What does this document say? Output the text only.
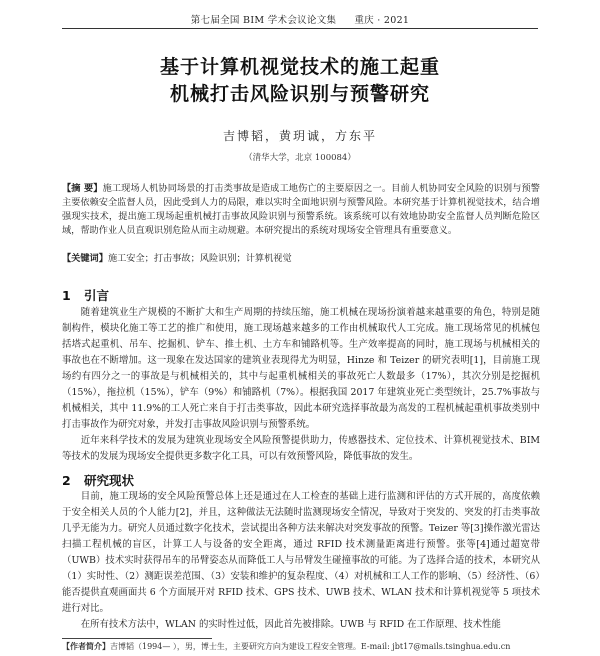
第七届全国 BIM 学术会议论文集 重庆 · 2021
基于计算机视觉技术的施工起重
机械打击风险识别与预警研究
吉博韬，黄玥诚，方东平
（清华大学，北京 100084）
【摘 要】施工现场人机协同场景的打击类事故是造成工地伤亡的主要原因之一。目前人机协同安全风险的识别与预警主要依赖安全监督人员，因此受到人力的局限，难以实时全面地识别与预警风险。本研究基于计算机视觉技术，结合增强现实技术，提出施工现场起重机械打击事故风险识别与预警系统。该系统可以有效地协助安全监督人员判断危险区域，帮助作业人员直观识别危险从而主动规避。本研究提出的系统对现场安全管理具有重要意义。
【关键词】施工安全；打击事故；风险识别；计算机视觉
1 引言

随着建筑业生产规模的不断扩大和生产周期的持续压缩，施工机械在现场扮演着越来越重要的角色，特别是随制构件，模块化施工等工艺的推广和使用，施工现场越来越多的工作由机械取代人工完成。施工现场常见的机械包括塔式起重机、吊车、挖掘机、铲车、推土机、土方车和铺路机等。生产效率提高的同时，施工现场与机械相关的事故也在不断增加。这一现象在发达国家的建筑业表现得尤为明显，Hinze 和 Teizer 的研究表明[1]，目前施工现场约有四分之一的事故是与机械相关的，其中与起重机械相关的事故死亡人数最多（17%），其次分别是挖掘机（15%），拖拉机（15%），铲车（9%）和铺路机（7%）。根据我国 2017 年建筑业死亡类型统计，25.7%事故与机械相关，其中 11.9%的工人死亡来自于打击类事故，因此本研究选择事故最为高发的工程机械起重机事故类别中打击事故作为研究对象，并发打击事故风险识别与预警系统。

近年来科学技术的发展为建筑业现场安全风险预警提供助力，传感器技术、定位技术、计算机视觉技术、BIM 等技术的发展为现场安全提供更多数字化工具，可以有效预警风险，降低事故的发生。

2 研究现状

目前，施工现场的安全风险预警总体上还是通过在人工检查的基础上进行监测和评估的方式开展的，高度依赖于安全相关人员的个人能力[2]，并且，这种做法无法随时监测现场安全情况，导致对于突发的、突发的打击类事故几乎无能为力。研究人员通过数字化技术，尝试提出各种方法来解决对突发事故的预警。Teizer 等[3]操作激光雷达扫描工程机械的盲区，计算工人与设备的安全距离，通过 RFID 技术测量距离进行预警。张等[4]通过超宽带（UWB）技术实时获得吊车的吊臂姿态从而降低工人与吊臂发生碰撞事故的可能。为了选择合适的技术，本研究从（1）实时性、（2）测距误差范围、（3）安装和维护的复杂程度、（4）对机械和工人工作的影响、（5）经济性、（6）能否提供直观画面共 6 个方面展开对 RFID 技术、GPS 技术、UWB 技术、WLAN 技术和计算机视觉等 5 项技术进行对比。

在所有技术方法中，WLAN 的实时性过低，因此首先被排除。UWB 与 RFID 在工作原理、技术性能

【作者简介】吉博韬（1994— ），男，博士生，主要研究方向为建设工程安全管理。E-mail: jbt17@mails.tsinghua.edu.cn
